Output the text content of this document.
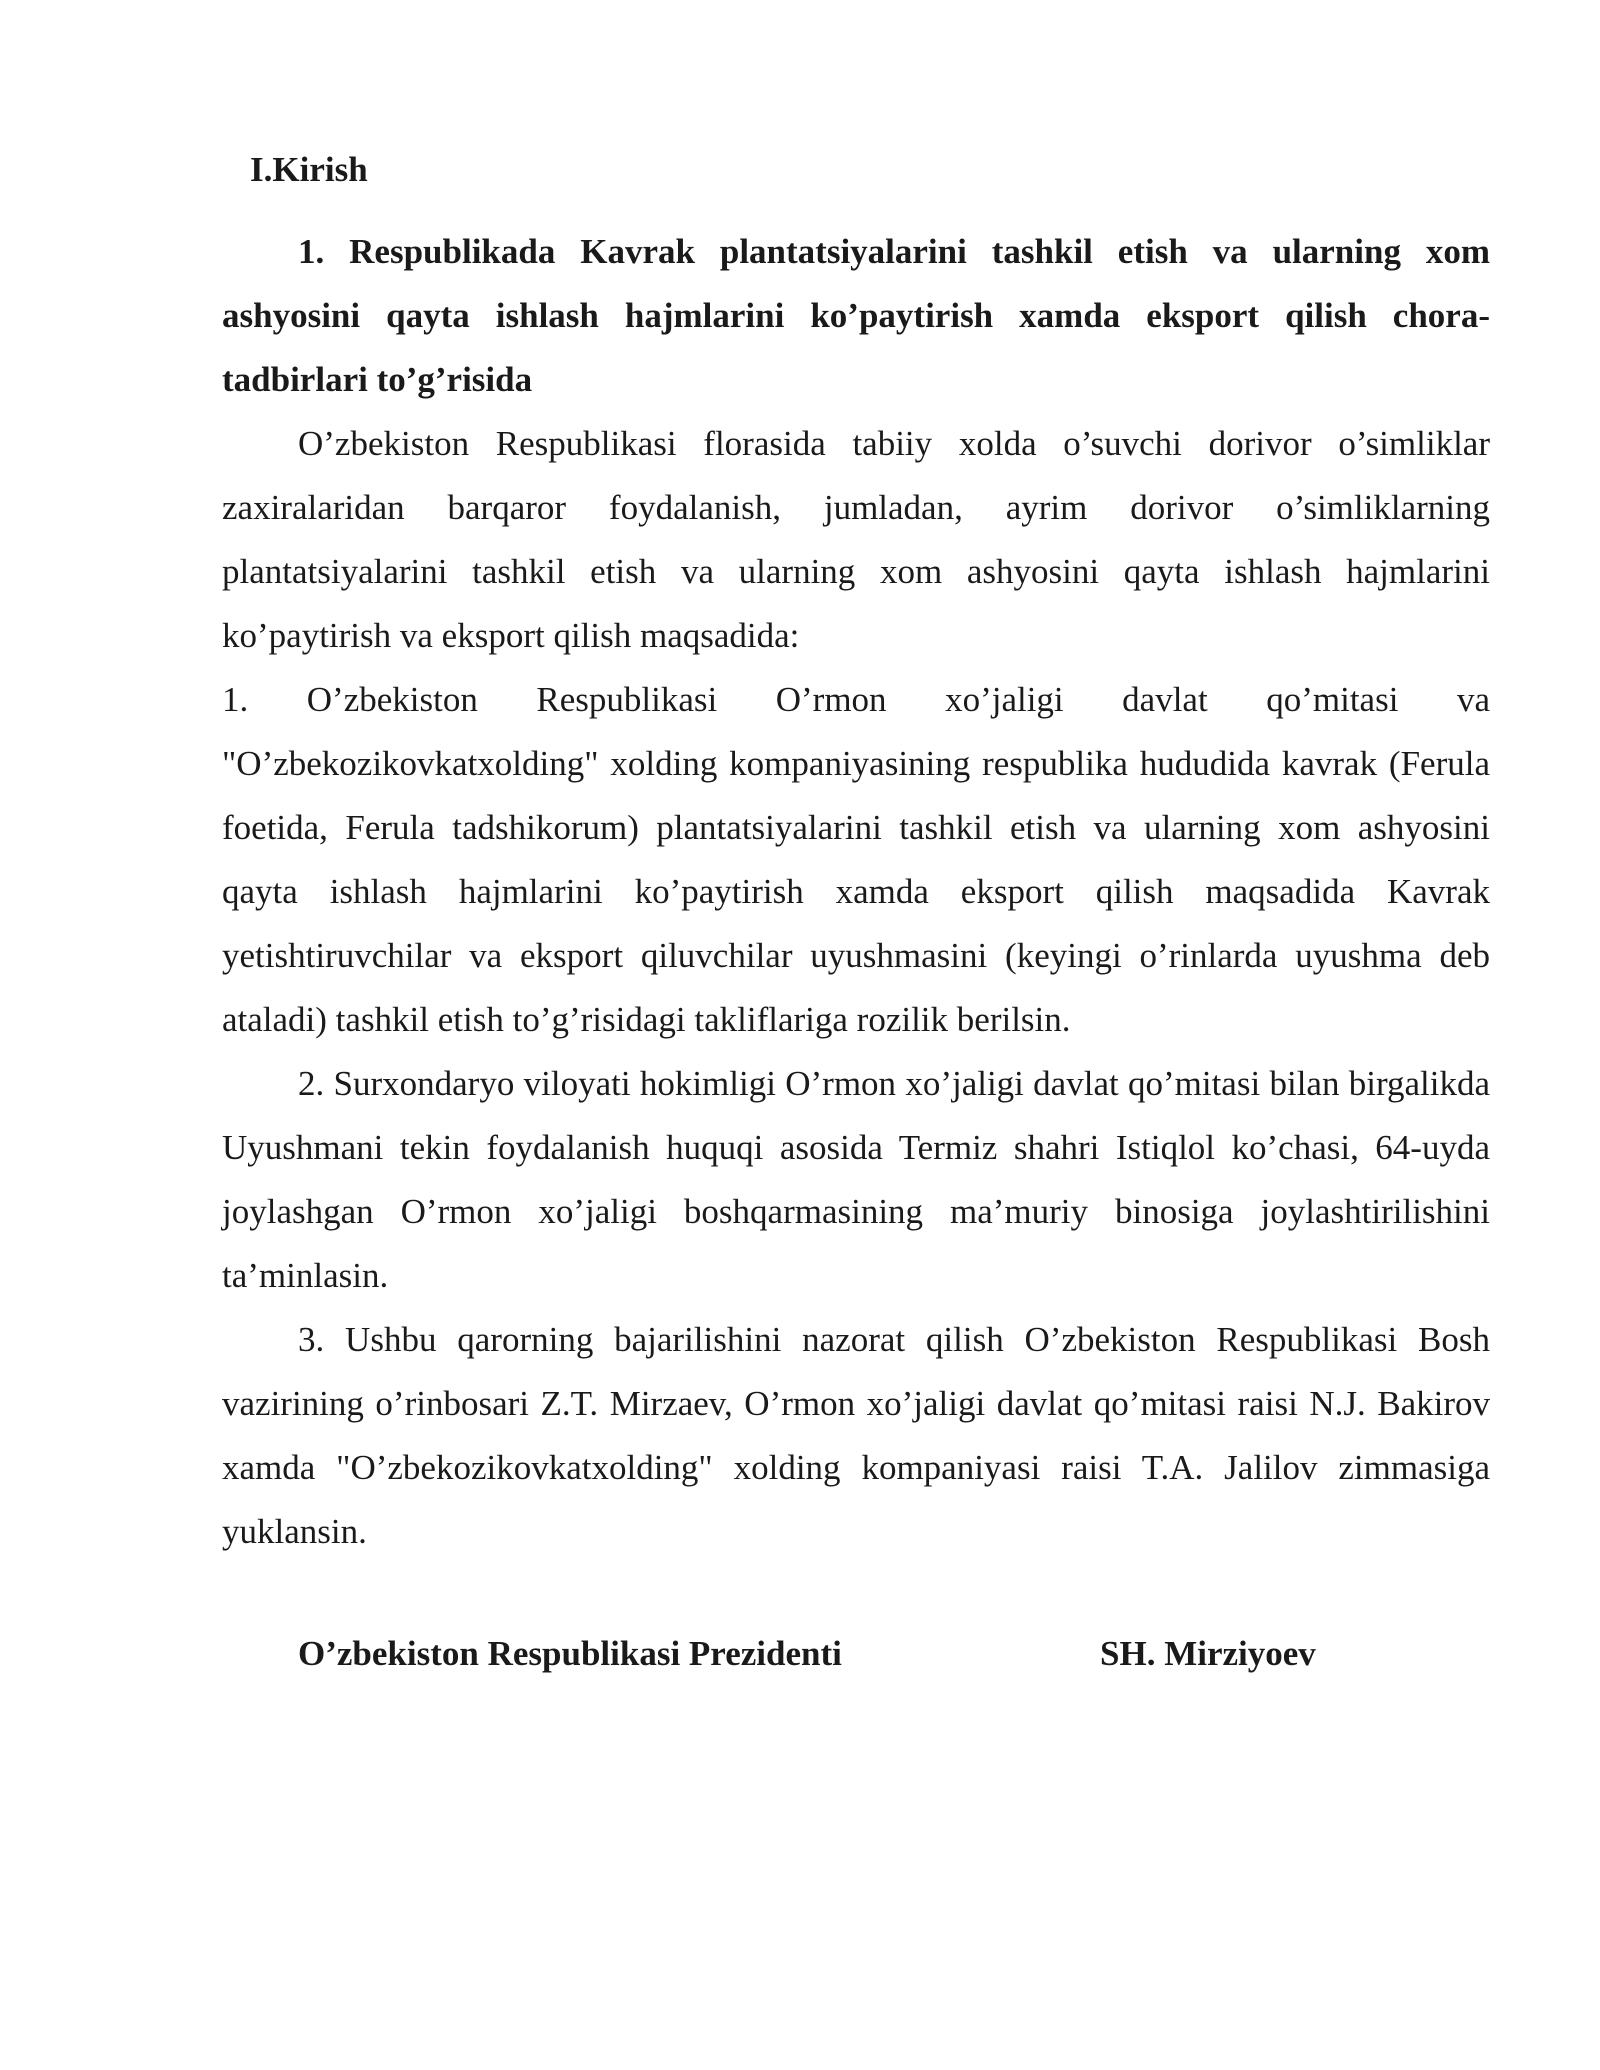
I.Kirish

1. Respublikada Kavrak plantatsiyalarini tashkil etish va ularning xom ashyosini qayta ishlash hajmlarini ko’paytirish xamda eksport qilish chora-tadbirlari to’g’risida

O’zbekiston Respublikasi florasida tabiiy xolda o’suvchi dorivor o’simliklar zaxiralaridan barqaror foydalanish, jumladan, ayrim dorivor o’simliklarning plantatsiyalarini tashkil etish va ularning xom ashyosini qayta ishlash hajmlarini ko’paytirish va eksport qilish maqsadida:

1. O’zbekiston Respublikasi O’rmon xo’jaligi davlat qo’mitasi va "O’zbekozikovkatxolding" xolding kompaniyasining respublika hududida kavrak (Ferula foetida, Ferula tadshikorum) plantatsiyalarini tashkil etish va ularning xom ashyosini qayta ishlash hajmlarini ko’paytirish xamda eksport qilish maqsadida Kavrak yetishtiruvchilar va eksport qiluvchilar uyushmasini (keyingi o’rinlarda uyushma deb ataladi) tashkil etish to’g’risidagi takliflariga rozilik berilsin.

2. Surxondaryo viloyati hokimligi O’rmon xo’jaligi davlat qo’mitasi bilan birgalikda Uyushmani tekin foydalanish huquqi asosida Termiz shahri Istiqlol ko’chasi, 64-uyda joylashgan O’rmon xo’jaligi boshqarmasining ma’muriy binosiga joylashtirilishini ta’minlasin.

3. Ushbu qarorning bajarilishini nazorat qilish O’zbekiston Respublikasi Bosh vazirining o’rinbosari Z.T. Mirzaev, O’rmon xo’jaligi davlat qo’mitasi raisi N.J. Bakirov xamda "O’zbekozikovkatxolding" xolding kompaniyasi raisi T.A. Jalilov zimmasiga yuklansin.

O’zbekiston Respublikasi Prezidenti	SH. Mirziyoev
